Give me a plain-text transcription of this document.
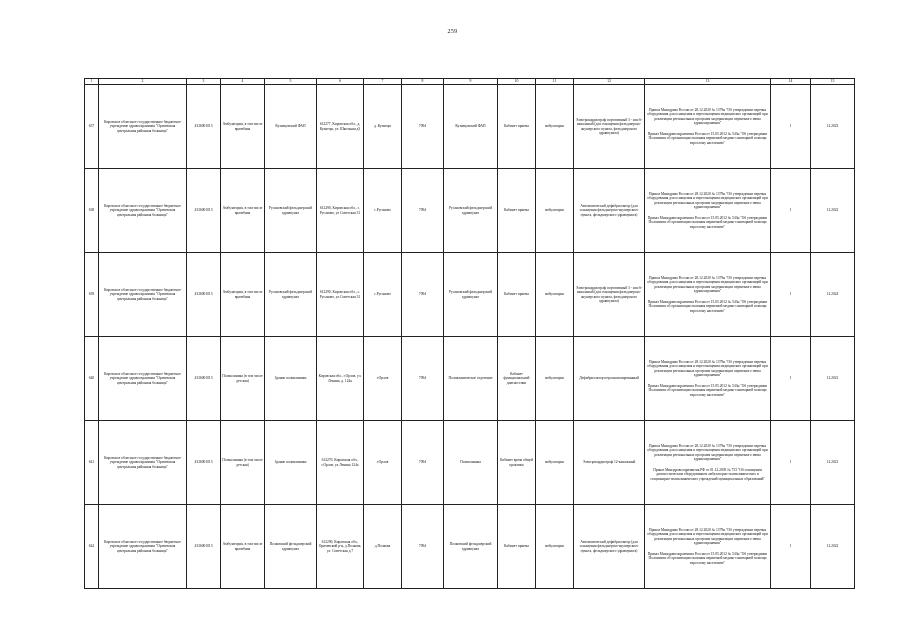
259
1	2	3	4	5	6	7	8	9	10	11	12	13	14	15
637	Кировское областное государственное бюджетное учреждение здравоохранения "Оричевская центральная районная больница"	4336001013	Амбулатория, в том числе врачебная	Кузнецовский ФАП	612277, Кировская обл., д. Кузнецы, ул. Школьная д3	д. Кузнецы	7094	Кузнецовский ФАП	Кабинет приема	амбулаторно	Электрокардиограф портативный 3 - или 6-канальный (для оснащения фельдшерско-акушерского пункта, фельдшерского здравпункта)	Приказ Минздрава России от 28.12.2020 № 1379н "Об утверждении перечня оборудования для оснащения и переоснащения медицинских организаций при реализации региональных программ модернизации первичного звена здравоохранения"
Приказ Минздравсоцразвития России от 15.05.2012 № 543н "Об утверждении Положения об организации оказания первичной медико-санитарной помощи взрослому населению"	1	12.2023
638	Кировское областное государственное бюджетное учреждение здравоохранения "Оричевская центральная районная больница"	4336001013	Амбулатория, в том числе врачебная	Русановский фельдшерский здравпункт	612290, Кировская обл., с. Русаново, ул Советская 31	с.Русаново	7094	Русановский фельдшерский здравпункт	Кабинет приема	амбулаторно	Автоматический дефибриллятор (для оснащения фельдшерско-акушерского пункта, фельдшерского здравпункта)	Приказ Минздрава России от 28.12.2020 № 1379н "Об утверждении перечня оборудования для оснащения и переоснащения медицинских организаций при реализации региональных программ модернизации первичного звена здравоохранения"
Приказ Минздравсоцразвития России от 15.05.2012 № 543н "Об утверждении Положения об организации оказания первичной медико-санитарной помощи взрослому населению"	1	12.2022
639	Кировское областное государственное бюджетное учреждение здравоохранения "Оричевская центральная районная больница"	4336001013	Амбулатория, в том числе врачебная	Русановский фельдшерский здравпункт	612290, Кировская обл., с. Русаново, ул.Советская 31	с.Русаново	7094	Русановский фельдшерский здравпункт	Кабинет приема	амбулаторно	Электрокардиограф портативный 3 - или 6-канальный (для оснащения фельдшерско-акушерского пункта, фельдшерского здравпункта)	Приказ Минздрава России от 28.12.2020 № 1379н "Об утверждении перечня оборудования для оснащения и переоснащения медицинских организаций при реализации региональных программ модернизации первичного звена здравоохранения"
Приказ Минздравсоцразвития России от 15.05.2012 № 543н "Об утверждении Положения об организации оказания первичной медико-санитарной помощи взрослому населению"	1	12.2024
640	Кировское областное государственное бюджетное учреждение здравоохранения "Оричевская центральная районная больница"	4336001013	Поликлиника (в том числе детская)	Здание поликлиники	Кировская обл., г.Орлов, ул. Ленина, д. 124а	г.Орлов	7094	Поликлиническое отделение	Кабинет функциональной диагностики	амбулаторно	Дефибриллятор персонализированный	Приказ Минздрава России от 28.12.2020 № 1379н "Об утверждении перечня оборудования для оснащения и переоснащения медицинских организаций при реализации региональных программ модернизации первичного звена здравоохранения"
Приказ Минздравсоцразвития России от 15.05.2012 № 543н "Об утверждении Положения об организации оказания первичной медико-санитарной помощи взрослому населению"	1	12.2021
641	Кировское областное государственное бюджетное учреждение здравоохранения "Оричевская центральная районная больница"	4336001013	Поликлиника (в том числе детская)	Здание поликлиники	612270, Кировская обл., г.Орлов, ул.Ленина 124а	г.Орлов	7094	Поликлиника	Кабинет врача общей практики	амбулаторно	Электрокардиограф 12-канальный	Приказ Минздрава России от 28.12.2020 № 1379н "Об утверждении перечня оборудования для оснащения и переоснащения медицинских организаций при реализации региональных программ модернизации первичного звена здравоохранения"
Приказ Минздравсоцразвития РФ от 01.12.2005 № 753 "Об оснащении диагностическим оборудованием амбулаторно-поликлинических и стационарно-поликлинических учреждений муниципальных образований"	1	12.2021
642	Кировское областное государственное бюджетное учреждение здравоохранения "Оричевская центральная районная больница"	4336001013	Амбулатория, в том числе врачебная	Полковский фельдшерский здравпункт	612290, Кировская обл., Оричевский р-н, д.Полкова, ул. Советская д.7	д.Полкова	7094	Полковский фельдшерский здравпункт	Кабинет приема	амбулаторно	Автоматический дефибриллятор (для оснащения фельдшерско-акушерского пункта, фельдшерского здравпункта)	Приказ Минздрава России от 28.12.2020 № 1379н "Об утверждении перечня оборудования для оснащения и переоснащения медицинских организаций при реализации региональных программ модернизации первичного звена здравоохранения"
Приказ Минздравсоцразвития России от 15.05.2012 № 543н "Об утверждении Положения об организации оказания первичной медико-санитарной помощи взрослому населению"	1	12.2022
